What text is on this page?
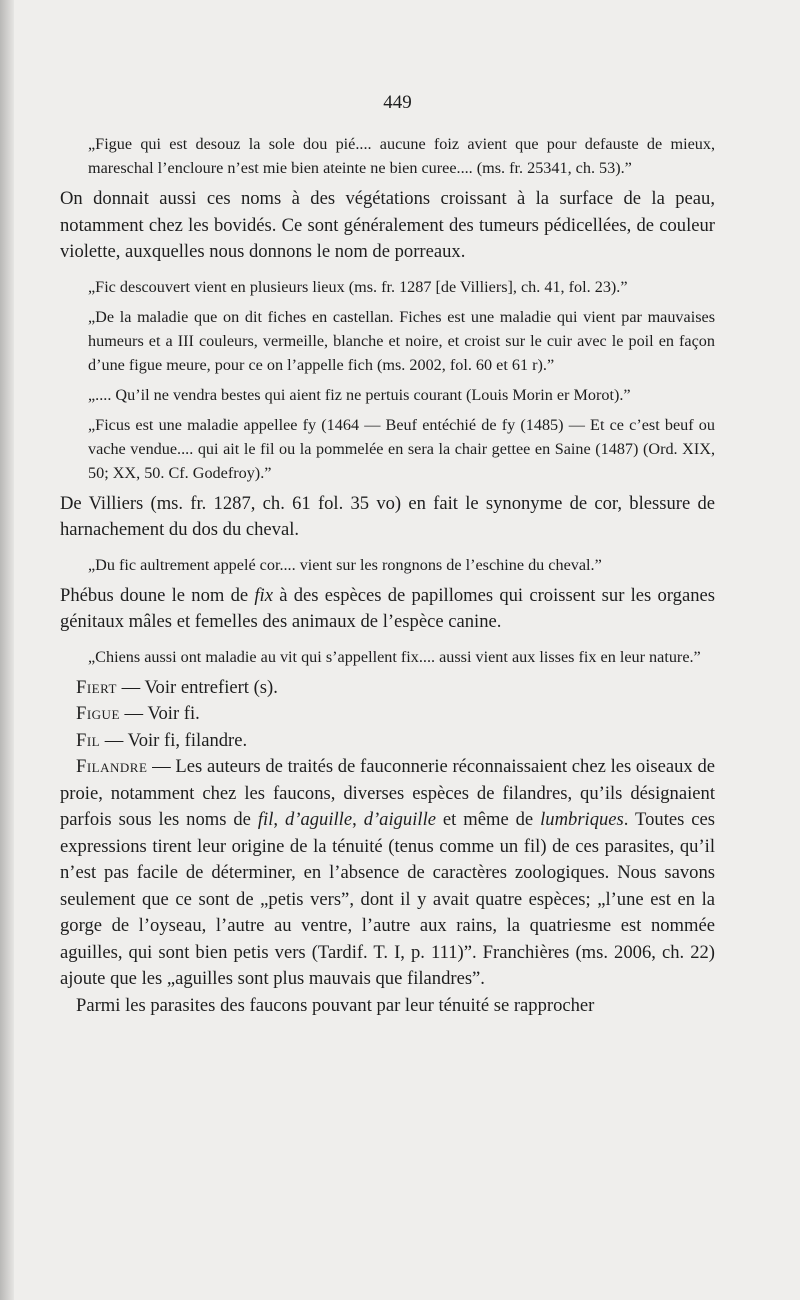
449

„Figue qui est desouz la sole dou pié.... aucune foiz avient que pour defauste de mieux, mareschal l’encloure n’est mie bien ateinte ne bien curee.... (ms. fr. 25341, ch. 53).”

On donnait aussi ces noms à des végétations croissant à la surface de la peau, notamment chez les bovidés. Ce sont généralement des tumeurs pédicellées, de couleur violette, auxquelles nous donnons le nom de porreaux.

„Fic descouvert vient en plusieurs lieux (ms. fr. 1287 [de Villiers], ch. 41, fol. 23).”

„De la maladie que on dit fiches en castellan. Fiches est une maladie qui vient par mauvaises humeurs et a III couleurs, vermeille, blanche et noire, et croist sur le cuir avec le poil en façon d’une figue meure, pour ce on l’appelle fich (ms. 2002, fol. 60 et 61 r).”

„.... Qu’il ne vendra bestes qui aient fiz ne pertuis courant (Louis Morin er Morot).”

„Ficus est une maladie appellee fy (1464 — Beuf entéchié de fy (1485) — Et ce c’est beuf ou vache vendue.... qui ait le fil ou la pommelée en sera la chair gettee en Saine (1487) (Ord. XIX, 50; XX, 50. Cf. Godefroy).”

De Villiers (ms. fr. 1287, ch. 61 fol. 35 vo) en fait le synonyme de cor, blessure de harnachement du dos du cheval.

„Du fic aultrement appelé cor.... vient sur les rongnons de l’eschine du cheval.”

Phébus doune le nom de fix à des espèces de papillomes qui croissent sur les organes génitaux mâles et femelles des animaux de l’espèce canine.

„Chiens aussi ont maladie au vit qui s’appellent fix.... aussi vient aux lisses fix en leur nature.”

Fiert — Voir entrefiert (s).

Figue — Voir fi.

Fil — Voir fi, filandre.

Filandre — Les auteurs de traités de fauconnerie réconnaissaient chez les oiseaux de proie, notamment chez les faucons, diverses espèces de filandres, qu’ils désignaient parfois sous les noms de fil, d’aguille, d’aiguille et même de lumbriques. Toutes ces expressions tirent leur origine de la ténuité (tenus comme un fil) de ces parasites, qu’il n’est pas facile de déterminer, en l’absence de caractères zoologiques. Nous savons seulement que ce sont de „petis vers”, dont il y avait quatre espèces; „l’une est en la gorge de l’oyseau, l’autre au ventre, l’autre aux rains, la quatriesme est nommée aguilles, qui sont bien petis vers (Tardif. T. I, p. 111)”. Franchières (ms. 2006, ch. 22) ajoute que les „aguilles sont plus mauvais que filandres”.

Parmi les parasites des faucons pouvant par leur ténuité se rapprocher
